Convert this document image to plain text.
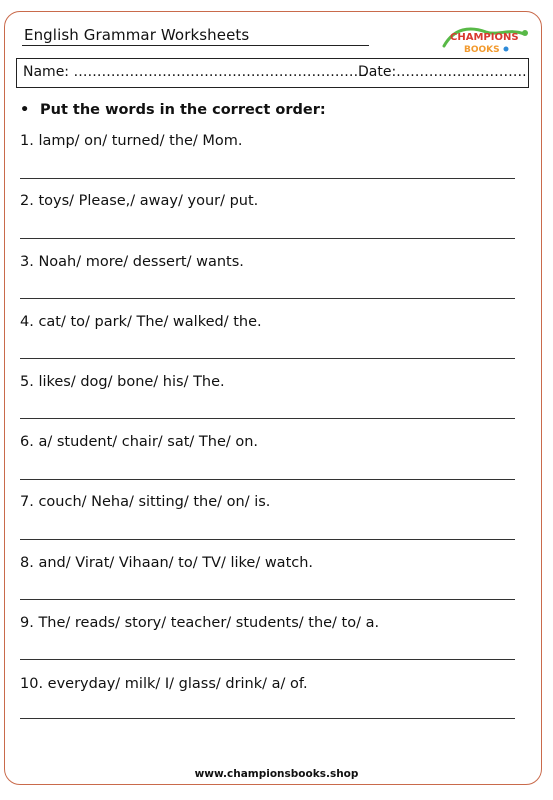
English Grammar Worksheets	CHAMPIONS
BOOKS
Name: ………………………………………………………
Date:……………………….
• Put the words in the correct order:
1. lamp/ on/ turned/ the/ Mom.
2. toys/ Please,/ away/ your/ put.
3. Noah/ more/ dessert/ wants.
4. cat/ to/ park/ The/ walked/ the.
5. likes/ dog/ bone/ his/ The.
6. a/ student/ chair/ sat/ The/ on.
7. couch/ Neha/ sitting/ the/ on/ is.
8. and/ Virat/ Vihaan/ to/ TV/ like/ watch.
9. The/ reads/ story/ teacher/ students/ the/ to/ a.
10. everyday/ milk/ I/ glass/ drink/ a/ of.
www.championsbooks.shop
